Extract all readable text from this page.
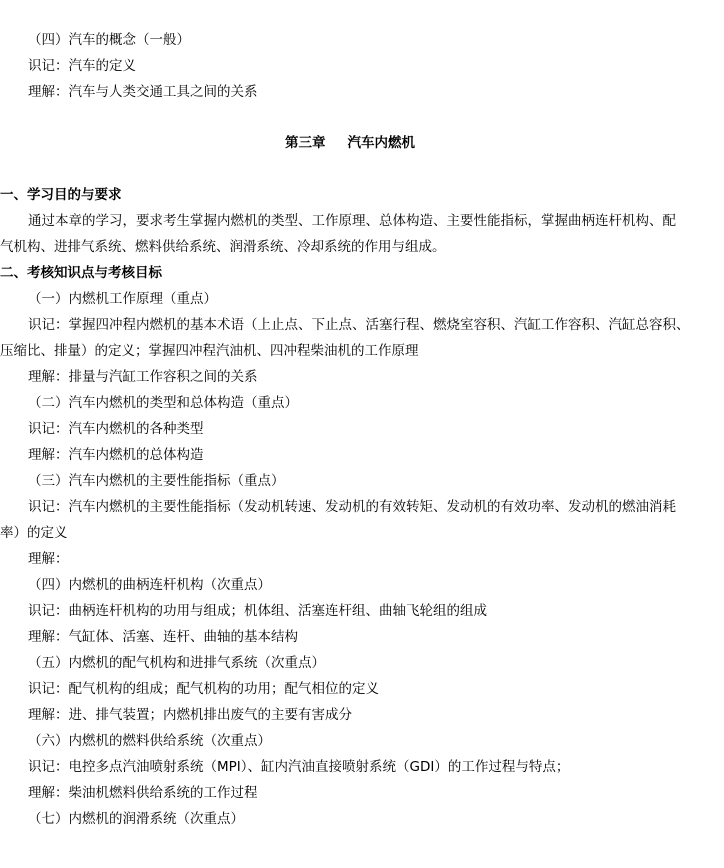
（四）汽车的概念（一般）
识记：汽车的定义
理解：汽车与人类交通工具之间的关系
第三章 汽车内燃机
一、学习目的与要求
通过本章的学习，要求考生掌握内燃机的类型、工作原理、总体构造、主要性能指标，掌握曲柄连杆机构、配
气机构、进排气系统、燃料供给系统、润滑系统、冷却系统的作用与组成。
二、考核知识点与考核目标
（一）内燃机工作原理（重点）
识记：掌握四冲程内燃机的基本术语（上止点、下止点、活塞行程、燃烧室容积、汽缸工作容积、汽缸总容积、
压缩比、排量）的定义；掌握四冲程汽油机、四冲程柴油机的工作原理
理解：排量与汽缸工作容积之间的关系
（二）汽车内燃机的类型和总体构造（重点）
识记：汽车内燃机的各种类型
理解：汽车内燃机的总体构造
（三）汽车内燃机的主要性能指标（重点）
识记：汽车内燃机的主要性能指标（发动机转速、发动机的有效转矩、发动机的有效功率、发动机的燃油消耗
率）的定义
理解：
（四）内燃机的曲柄连杆机构（次重点）
识记：曲柄连杆机构的功用与组成；机体组、活塞连杆组、曲轴飞轮组的组成
理解：气缸体、活塞、连杆、曲轴的基本结构
（五）内燃机的配气机构和进排气系统（次重点）
识记：配气机构的组成；配气机构的功用；配气相位的定义
理解：进、排气装置；内燃机排出废气的主要有害成分
（六）内燃机的燃料供给系统（次重点）
识记：电控多点汽油喷射系统（MPI）、缸内汽油直接喷射系统（GDI）的工作过程与特点；
理解：柴油机燃料供给系统的工作过程
（七）内燃机的润滑系统（次重点）
